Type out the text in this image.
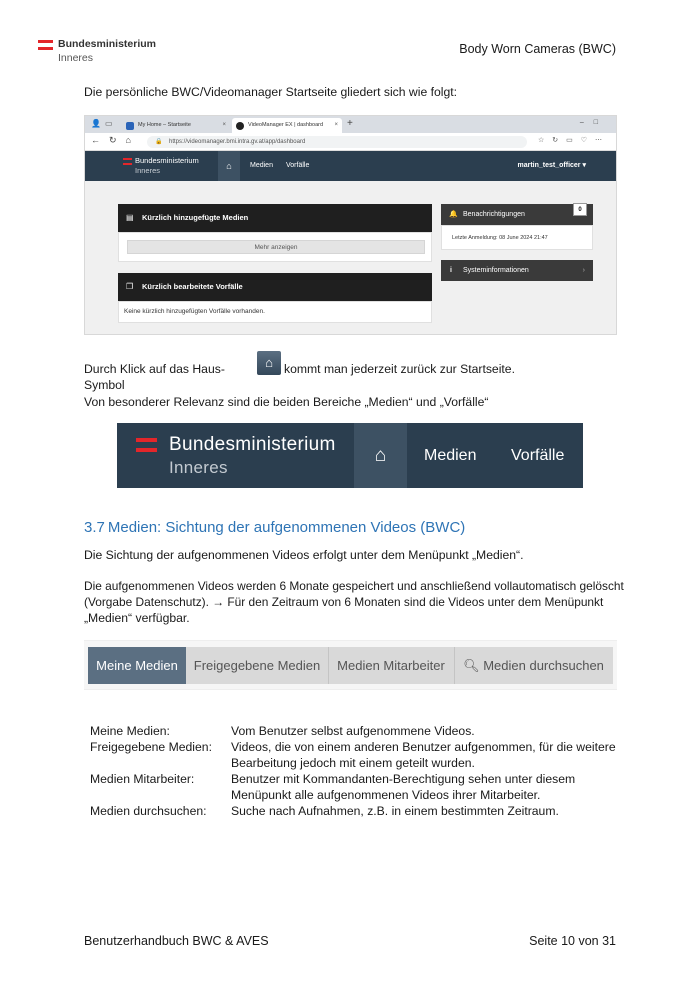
Bundesministerium
Inneres
Body Worn Cameras (BWC)
Die persönliche BWC/Videomanager Startseite gliedert sich wie folgt:
👤 ▭	My Home – Startseite	×	VideoManager EX | dashboard × +	–□
←↻⌂	🔒 https://videomanager.bmi.intra.gv.at/app/dashboard	☆↻▭♡⋯
Bundesministerium
Inneres	⌂	Medien Vorfälle	martin_test_officer ▾
▤ Kürzlich hinzugefügte Medien
Mehr anzeigen
❐ Kürzlich bearbeitete Vorfälle
Keine kürzlich hinzugefügten Vorfälle vorhanden.
🔔 Benachrichtigungen
0
Letzte Anmeldung: 08 June 2024 21:47
i Systeminformationen	›
Durch Klick auf das Haus-Symbol
⌂ kommt man jederzeit zurück zur Startseite.
Von besonderer Relevanz sind die beiden Bereiche „Medien“ und „Vorfälle“
Bundesministerium
Inneres
⌂	Medien Vorfälle
3.7 Medien: Sichtung der aufgenommenen Videos (BWC)
Die Sichtung der aufgenommenen Videos erfolgt unter dem Menüpunkt „Medien“.
Die aufgenommenen Videos werden 6 Monate gespeichert und anschließend vollautomatisch gelöscht
(Vorgabe Datenschutz). → Für den Zeitraum von 6 Monaten sind die Videos unter dem Menüpunkt
„Medien“ verfügbar.
Meine Medien	Freigegebene Medien	Medien Mitarbeiter	🔍︎ Medien durchsuchen
Meine Medien:	Vom Benutzer selbst aufgenommene Videos.
Freigegebene Medien:	Videos, die von einem anderen Benutzer aufgenommen, für die weitere Bearbeitung jedoch mit einem geteilt wurden.
Medien Mitarbeiter:	Benutzer mit Kommandanten-Berechtigung sehen unter diesem Menüpunkt alle aufgenommenen Videos ihrer Mitarbeiter.
Medien durchsuchen:	Suche nach Aufnahmen, z.B. in einem bestimmten Zeitraum.
Benutzerhandbuch BWC & AVES	Seite 10 von 31
